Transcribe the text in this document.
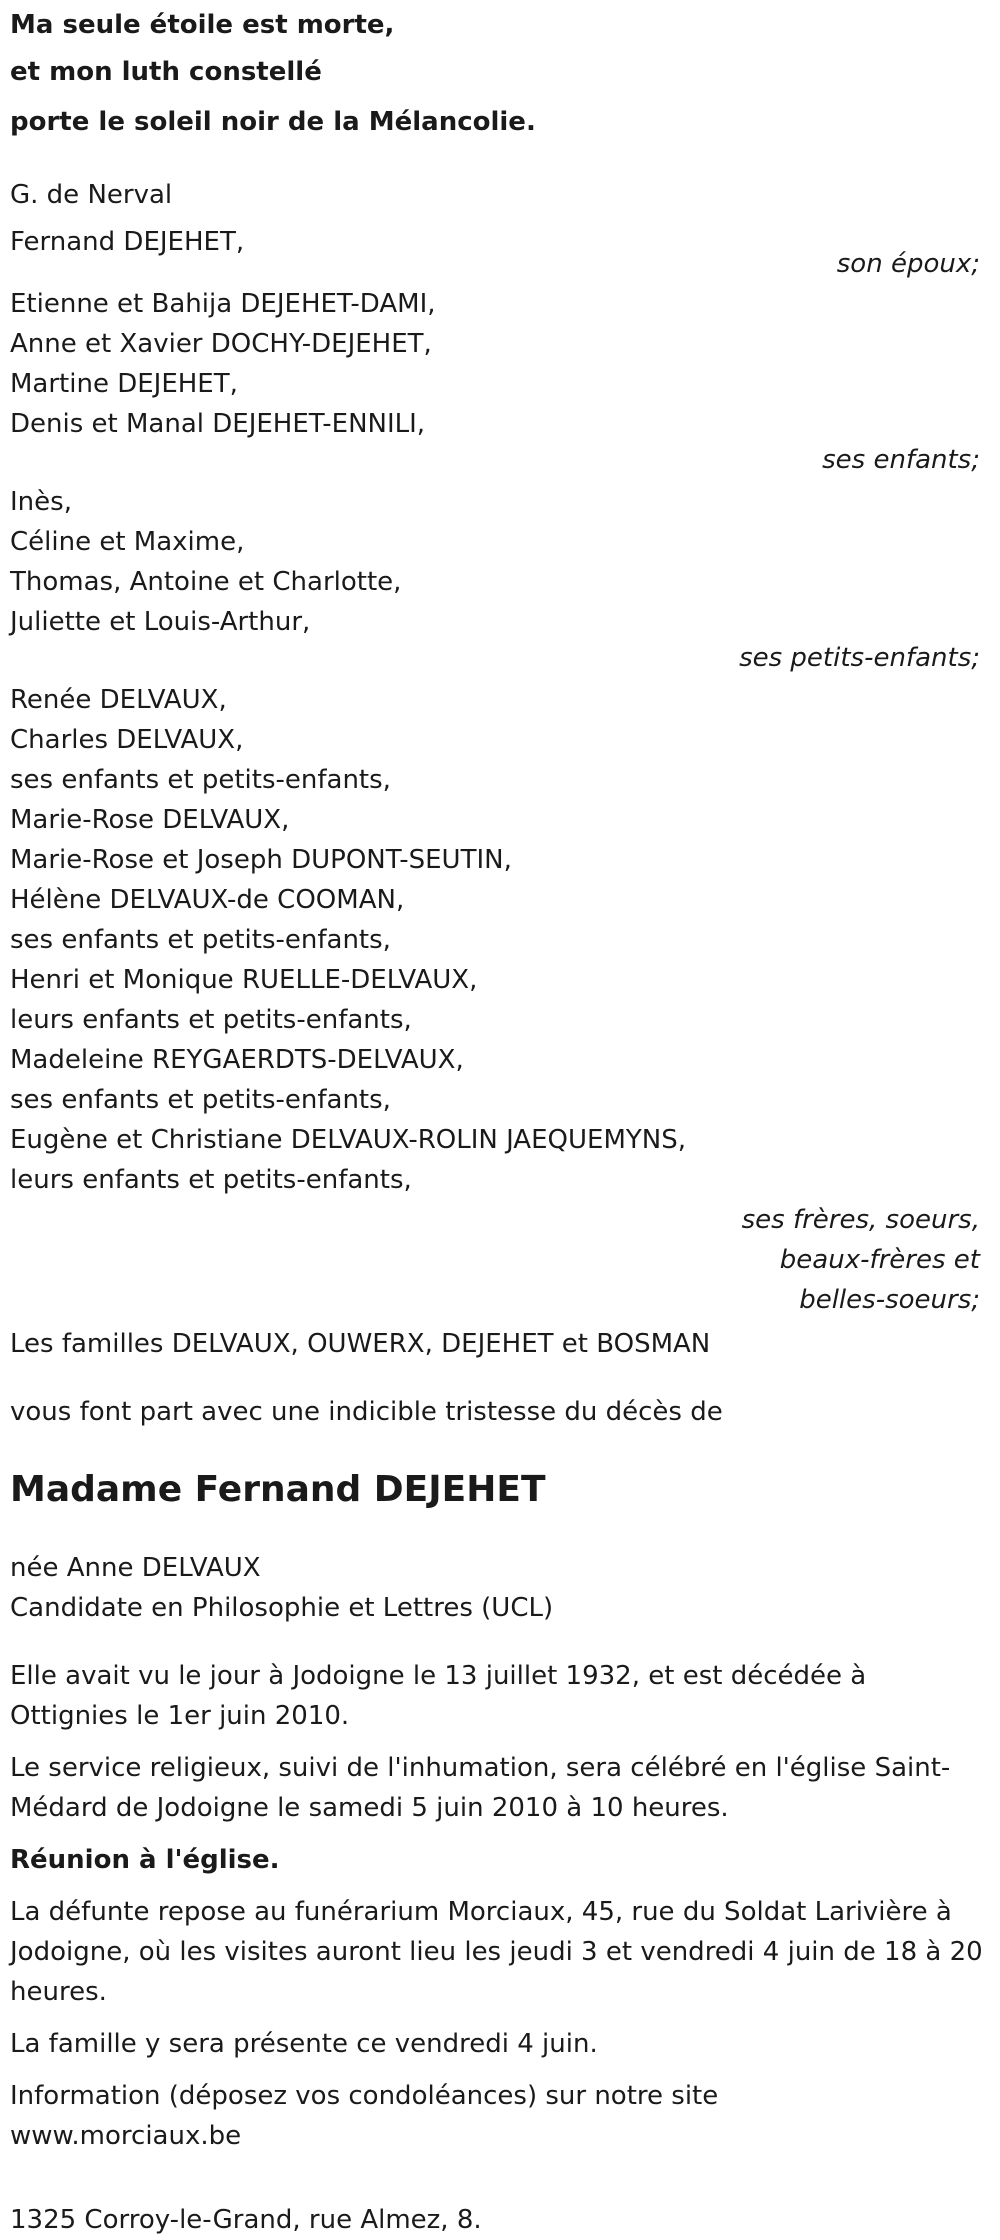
Ma seule étoile est morte,
et mon luth constellé
porte le soleil noir de la Mélancolie.
G. de Nerval
Fernand DEJEHET,
son époux;
Etienne et Bahija DEJEHET-DAMI,
Anne et Xavier DOCHY-DEJEHET,
Martine DEJEHET,
Denis et Manal DEJEHET-ENNILI,
ses enfants;
Inès,
Céline et Maxime,
Thomas, Antoine et Charlotte,
Juliette et Louis-Arthur,
ses petits-enfants;
Renée DELVAUX,
Charles DELVAUX,
ses enfants et petits-enfants,
Marie-Rose DELVAUX,
Marie-Rose et Joseph DUPONT-SEUTIN,
Hélène DELVAUX-de COOMAN,
ses enfants et petits-enfants,
Henri et Monique RUELLE-DELVAUX,
leurs enfants et petits-enfants,
Madeleine REYGAERDTS-DELVAUX,
ses enfants et petits-enfants,
Eugène et Christiane DELVAUX-ROLIN JAEQUEMYNS,
leurs enfants et petits-enfants,
ses frères, soeurs,
beaux-frères et
belles-soeurs;
Les familles DELVAUX, OUWERX, DEJEHET et BOSMAN
vous font part avec une indicible tristesse du décès de
Madame Fernand DEJEHET
née Anne DELVAUX
Candidate en Philosophie et Lettres (UCL)
Elle avait vu le jour à Jodoigne le 13 juillet 1932, et est décédée à Ottignies le 1er juin 2010.
Le service religieux, suivi de l'inhumation, sera célébré en l'église Saint-Médard de Jodoigne le samedi 5 juin 2010 à 10 heures.
Réunion à l'église.
La défunte repose au funérarium Morciaux, 45, rue du Soldat Larivière à Jodoigne, où les visites auront lieu les jeudi 3 et vendredi 4 juin de 18 à 20 heures.
La famille y sera présente ce vendredi 4 juin.
Information (déposez vos condoléances) sur notre site
www.morciaux.be
1325 Corroy-le-Grand, rue Almez, 8.
